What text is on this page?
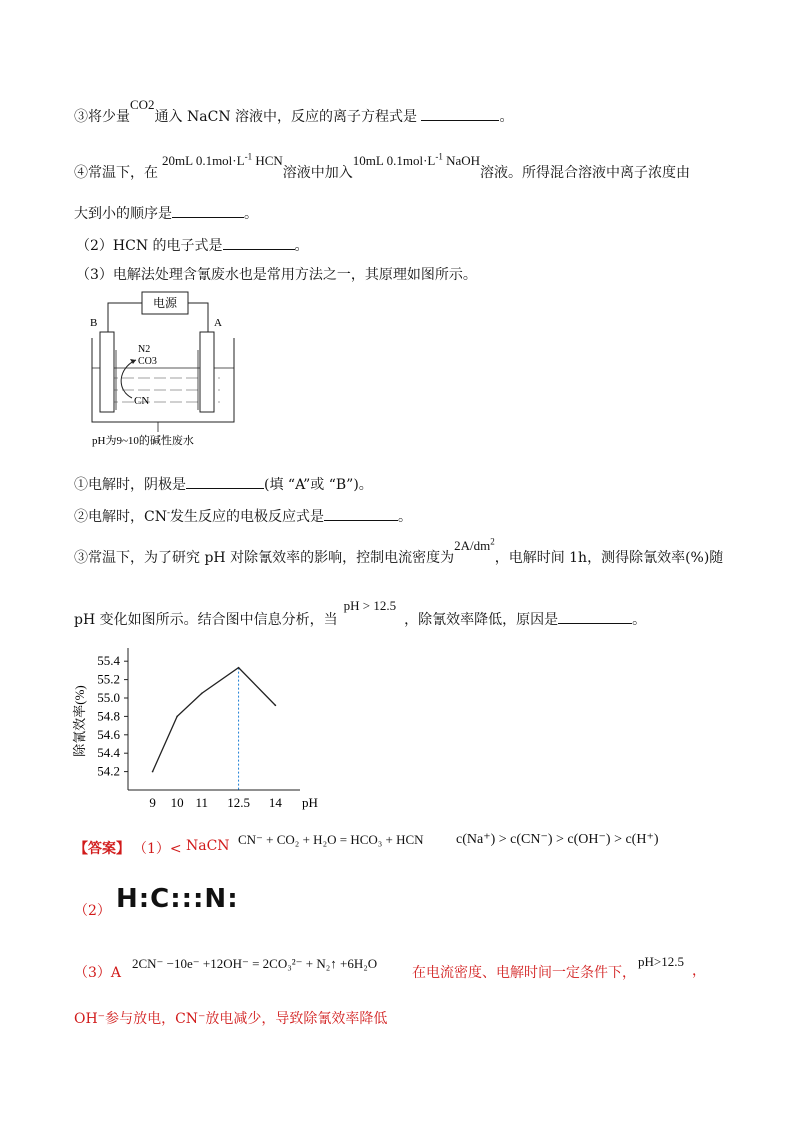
③将少量CO2通入 NaCN 溶液中，反应的离子方程式是	。
④常温下，在20mL $0.1mol\cdot L^{-1}$ HCN溶液中加入10mL $0.1mol\cdot L^{-1}$ NaOH溶液。所得混合溶液中离子浓度由
大到小的顺序是	。
（2）HCN 的电子式是	。
（3）电解法处理含氰废水也是常用方法之一，其原理如图所示。
电源
B	A
N2
CO3
CN
pH为9~10的碱性废水
①电解时，阴极是	(填 “A”或 “B”)。
②电解时，CN-发生反应的电极反应式是	。
③常温下，为了研究 pH 对除氰效率的影响，控制电流密度为$2A/dm^2$，电解时间 1h，测得除氰效率(%)随
pH 变化如图所示。结合图中信息分析，当pH > 12.5，除氰效率降低，原因是	。
54.2
54.4
54.6
54.8
55.0
55.2
55.4
9 10 11 12.5 14 pH
除氰效率(%)
【答案】 （1）< NaCN CN⁻ + CO₂ + H₂O = HCO₃ + HCN c(Na⁺) > c(CN⁻) > c(OH⁻) > c(H⁺)
（2） H:C:::N:
（3）A
2CN⁻ −10e⁻ +12OH⁻ = 2CO₃²⁻ + N₂↑ +6H₂O
在电流密度、电解时间一定条件下，
pH>12.5
，
OH⁻参与放电，CN⁻放电减少，导致除氰效率降低
